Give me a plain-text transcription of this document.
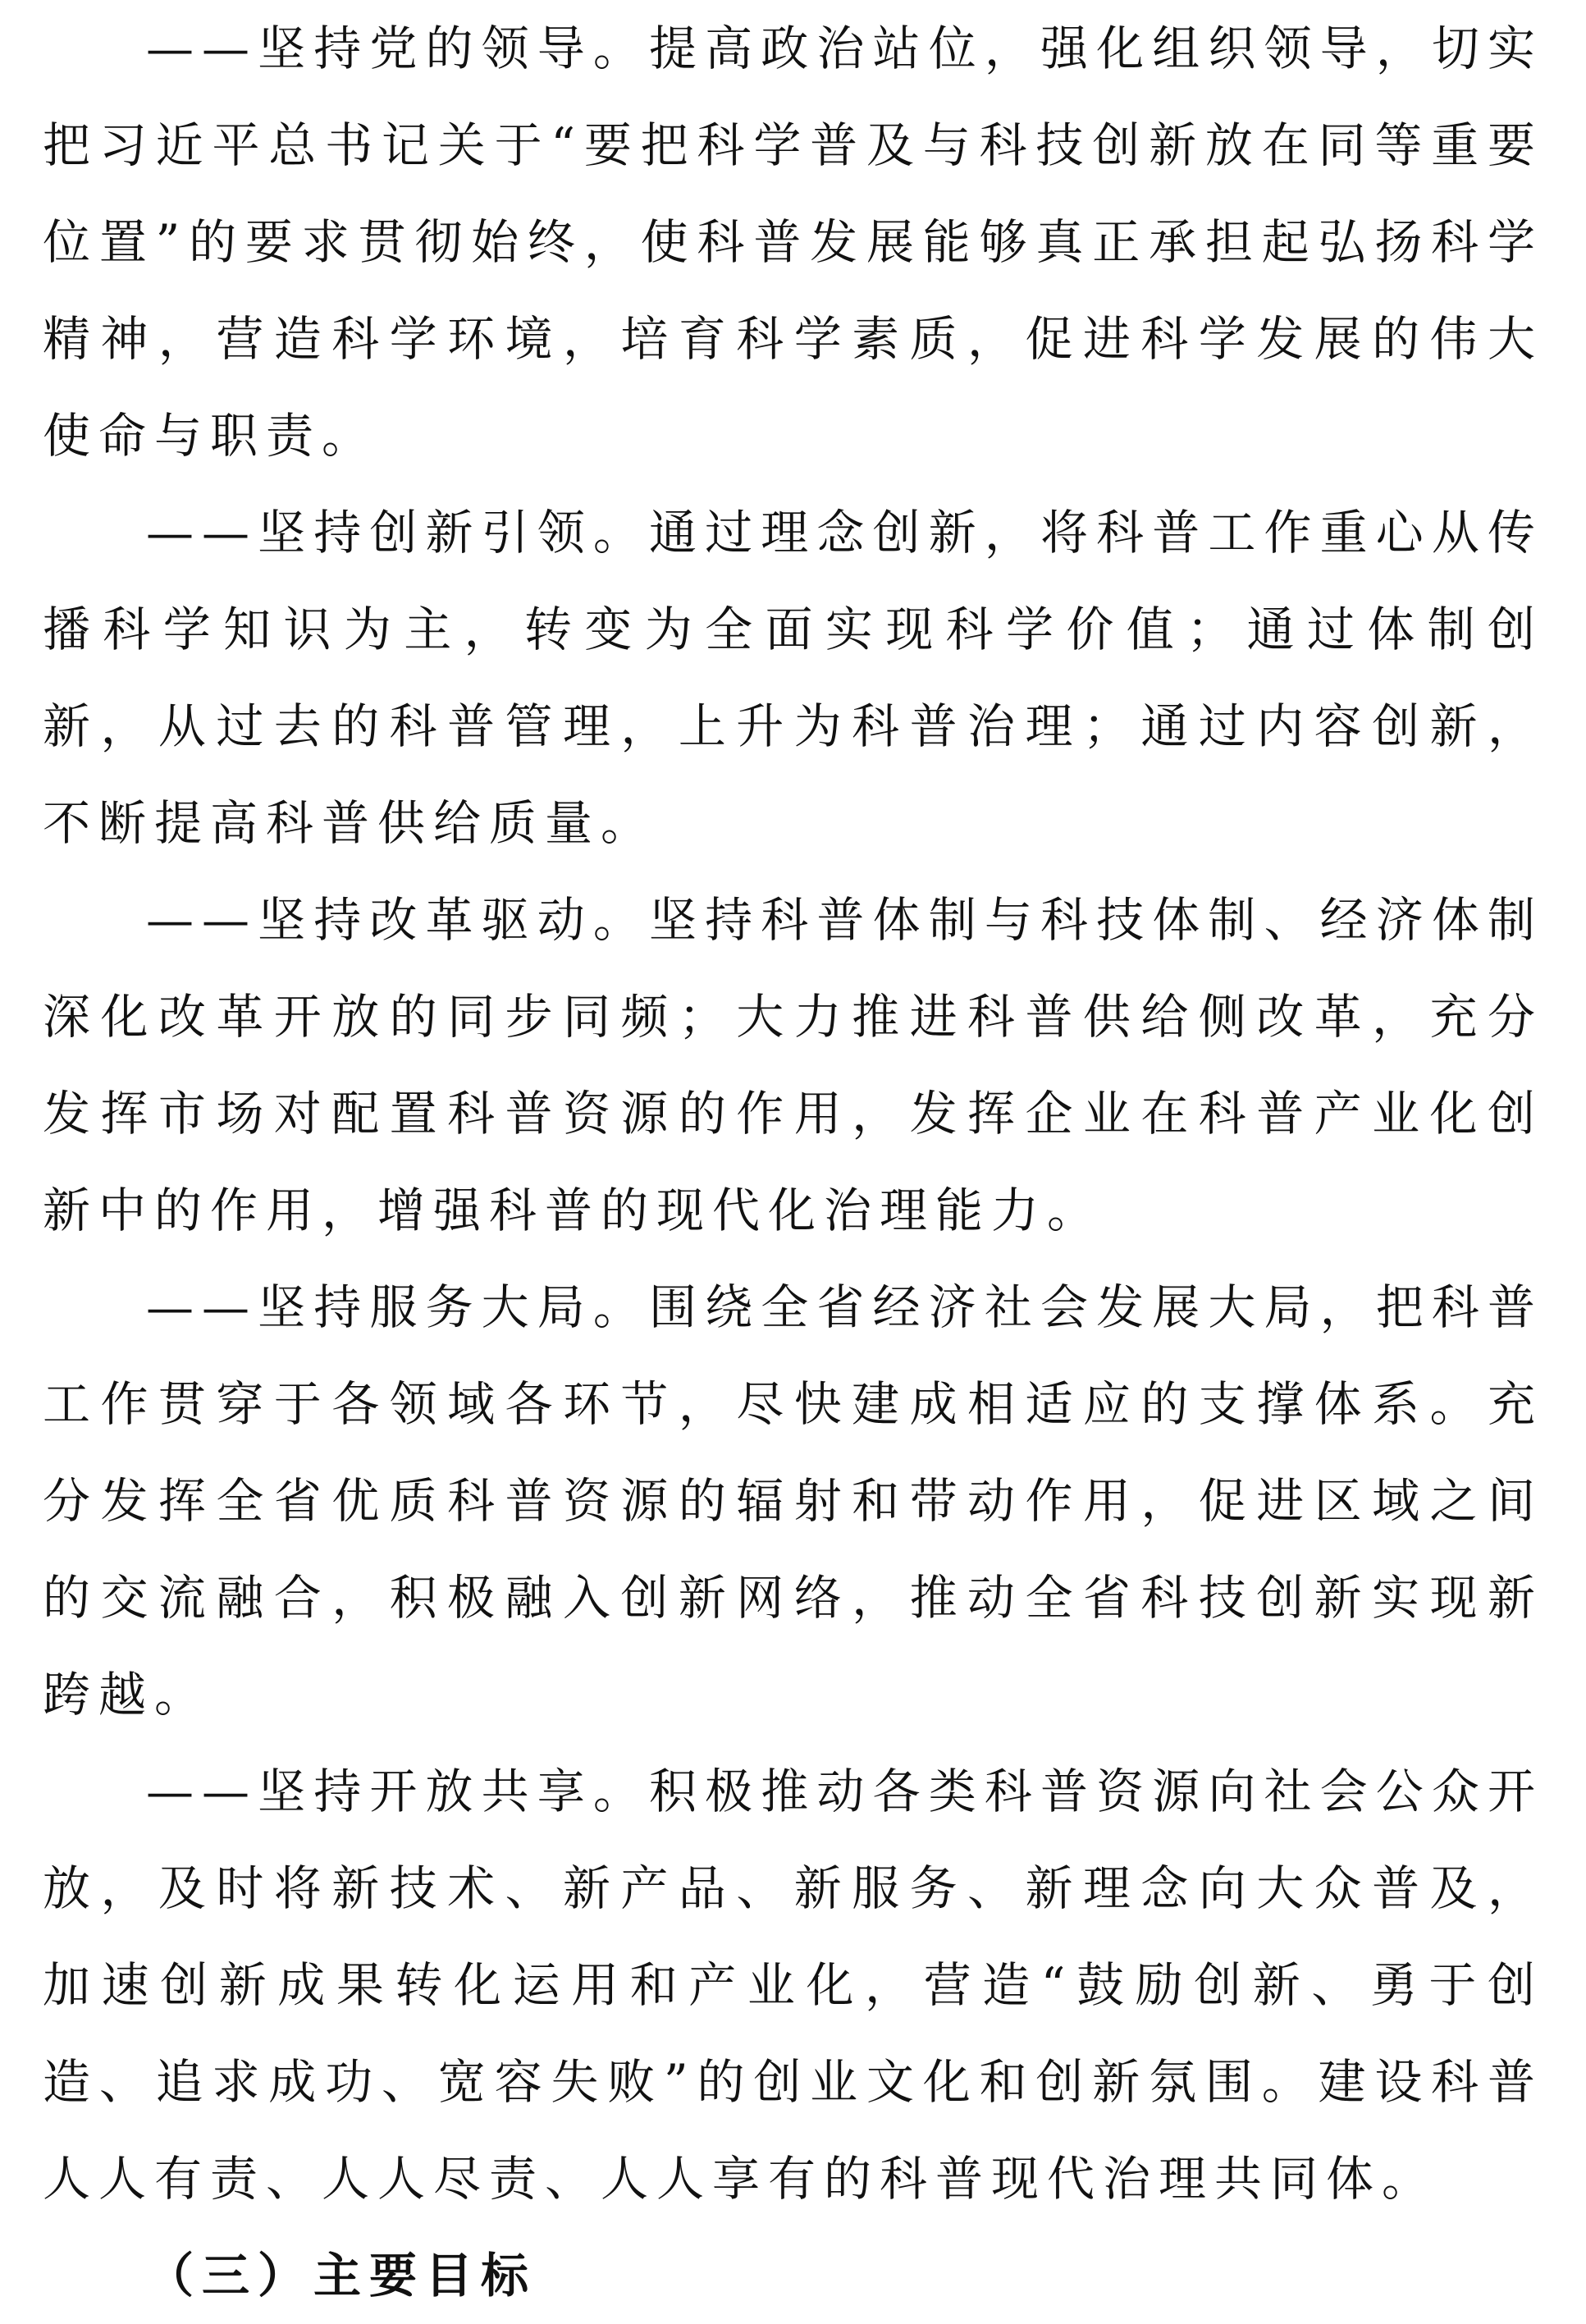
——坚持党的领导。提高政治站位，强化组织领导，切实把习近平总书记关于“要把科学普及与科技创新放在同等重要位置”的要求贯彻始终，使科普发展能够真正承担起弘扬科学精神，营造科学环境，培育科学素质，促进科学发展的伟大使命与职责。

——坚持创新引领。通过理念创新，将科普工作重心从传播科学知识为主，转变为全面实现科学价值；通过体制创新，从过去的科普管理，上升为科普治理；通过内容创新，不断提高科普供给质量。

——坚持改革驱动。坚持科普体制与科技体制、经济体制深化改革开放的同步同频；大力推进科普供给侧改革，充分发挥市场对配置科普资源的作用，发挥企业在科普产业化创新中的作用，增强科普的现代化治理能力。

——坚持服务大局。围绕全省经济社会发展大局，把科普工作贯穿于各领域各环节，尽快建成相适应的支撑体系。充分发挥全省优质科普资源的辐射和带动作用，促进区域之间的交流融合，积极融入创新网络，推动全省科技创新实现新跨越。

——坚持开放共享。积极推动各类科普资源向社会公众开放，及时将新技术、新产品、新服务、新理念向大众普及，加速创新成果转化运用和产业化，营造“鼓励创新、勇于创造、追求成功、宽容失败”的创业文化和创新氛围。建设科普人人有责、人人尽责、人人享有的科普现代治理共同体。

（三）主要目标
